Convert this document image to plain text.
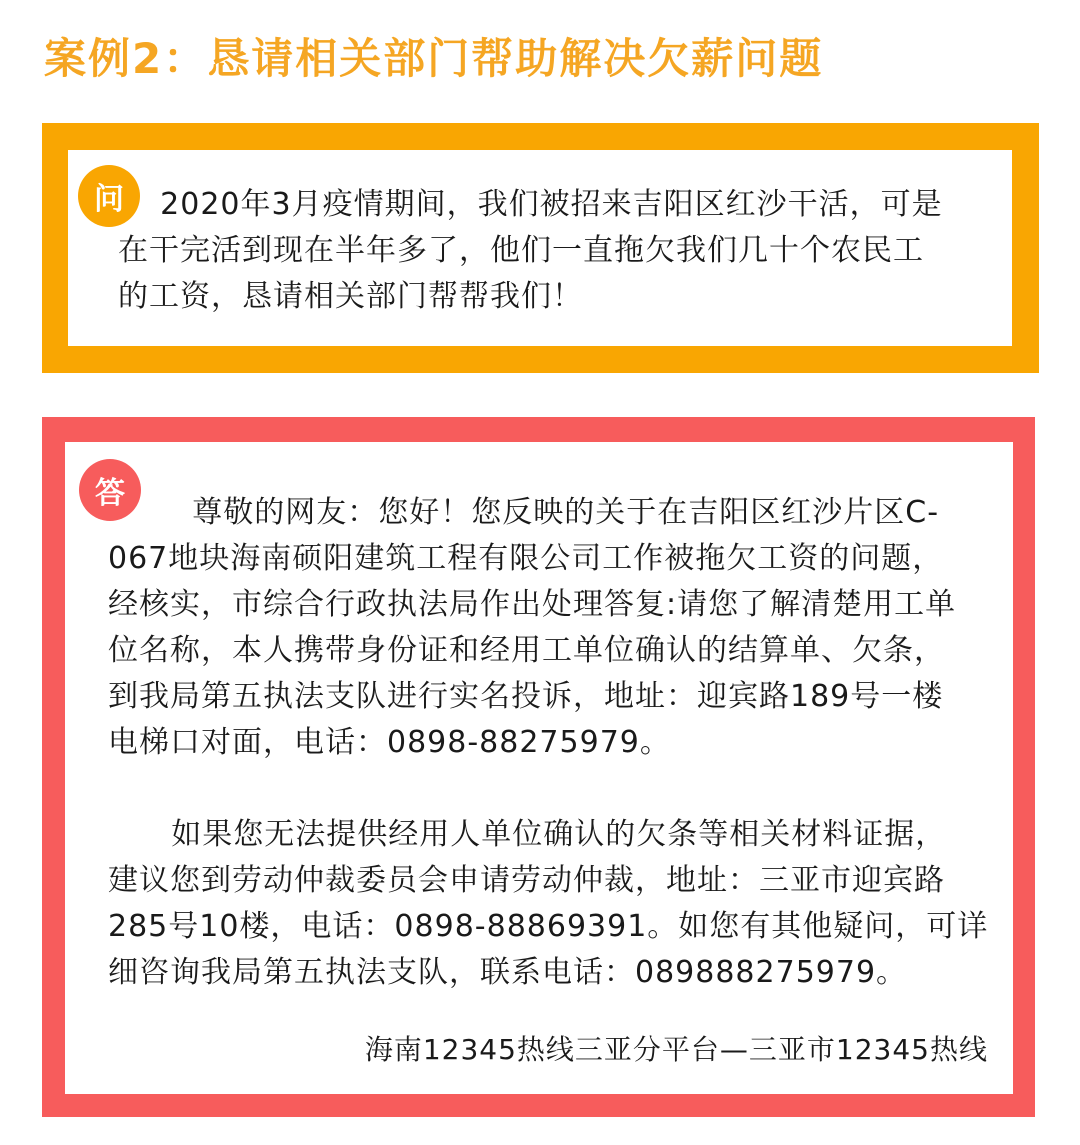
案例2：恳请相关部门帮助解决欠薪问题
问
2020年3月疫情期间，我们被招来吉阳区红沙干活，可是
在干完活到现在半年多了，他们一直拖欠我们几十个农民工
的工资，恳请相关部门帮帮我们！
答
尊敬的网友：您好！您反映的关于在吉阳区红沙片区C-
067地块海南硕阳建筑工程有限公司工作被拖欠工资的问题，
经核实，市综合行政执法局作出处理答复:请您了解清楚用工单
位名称，本人携带身份证和经用工单位确认的结算单、欠条，
到我局第五执法支队进行实名投诉，地址：迎宾路189号一楼
电梯口对面，电话：0898-88275979。
如果您无法提供经用人单位确认的欠条等相关材料证据，
建议您到劳动仲裁委员会申请劳动仲裁，地址：三亚市迎宾路
285号10楼，电话：0898-88869391。如您有其他疑问，可详
细咨询我局第五执法支队，联系电话：089888275979。
海南12345热线三亚分平台—三亚市12345热线
